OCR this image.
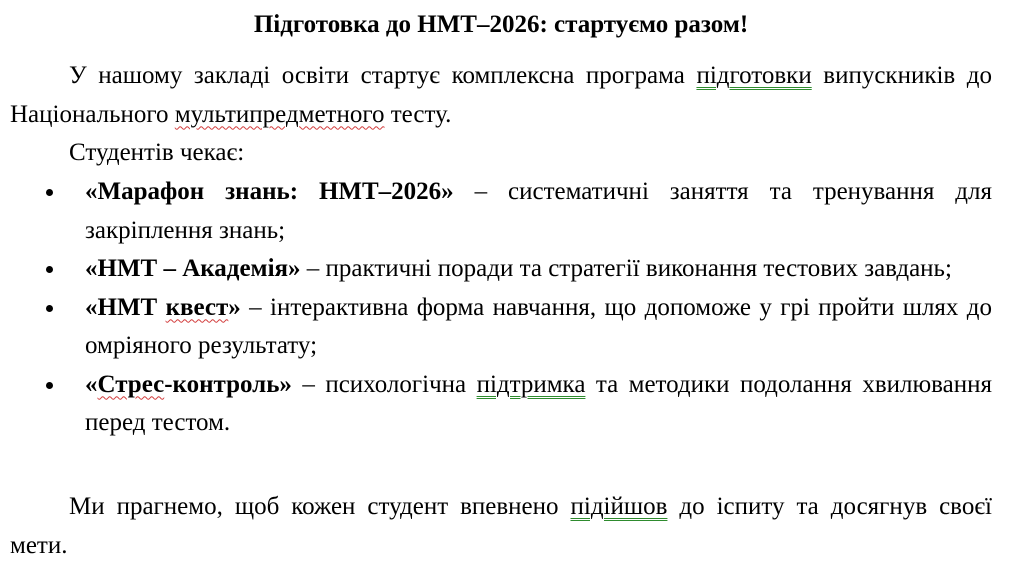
Підготовка до НМТ–2026: стартуємо разом!
У нашому закладі освіти стартує комплексна програма підготовки випускників до Національного мультипредметного тесту.
Студентів чекає:
«Марафон знань: НМТ–2026» – систематичні заняття та тренування для закріплення знань;
«НМТ – Академія» – практичні поради та стратегії виконання тестових завдань;
«НМТ квест» – інтерактивна форма навчання, що допоможе у грі пройти шлях до омріяного результату;
«Стрес-контроль» – психологічна підтримка та методики подолання хвилювання перед тестом.
Ми прагнемо, щоб кожен студент впевнено підійшов до іспиту та досягнув своєї мети.
